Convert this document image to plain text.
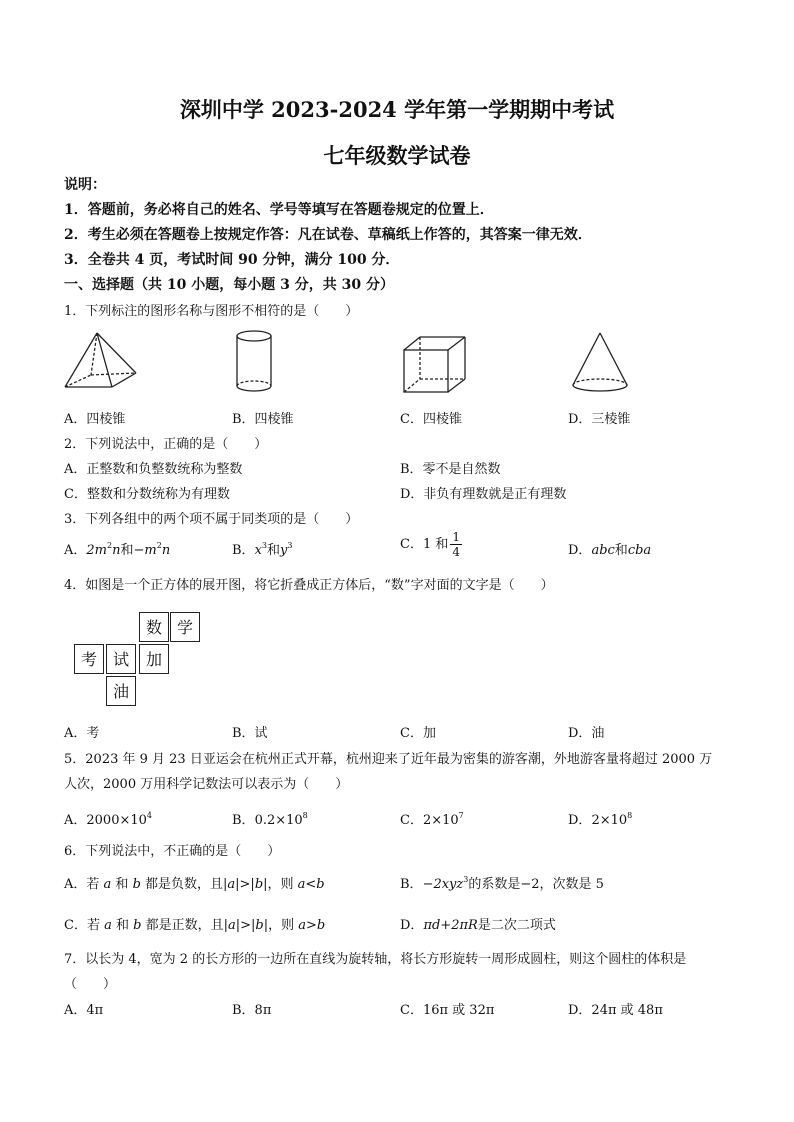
深圳中学 2023-2024 学年第一学期期中考试
七年级数学试卷
说明：
1．答题前，务必将自己的姓名、学号等填写在答题卷规定的位置上．
2．考生必须在答题卷上按规定作答：凡在试卷、草稿纸上作答的，其答案一律无效．
3．全卷共 4 页，考试时间 90 分钟，满分 100 分．
一、选择题（共 10 小题，每小题 3 分，共 30 分）
1．下列标注的图形名称与图形不相符的是（　　）
A．四棱锥	B．四棱锥	C．四棱锥	D．三棱锥
2．下列说法中，正确的是（　　）
A．正整数和负整数统称为整数	B．零不是自然数
C．整数和分数统称为有理数	D．非负有理数就是正有理数
3．下列各组中的两个项不属于同类项的是（　　）
A．$2m^2n$和$-m^2n$	B．$x^3$和$y^3$	C．1 和 $\frac{1}{4}$	D．abc和cba
4．如图是一个正方体的展开图，将它折叠成正方体后，“数”字对面的文字是（　　）
数 学
考 试	加
油
A．考	B．试	C．加	D．油
5．2023 年 9 月 23 日亚运会在杭州正式开幕，杭州迎来了近年最为密集的游客潮，外地游客量将超过 2000 万
人次，2000 万用科学记数法可以表示为（　　）
A．$2000\times 10^4$	B．$0.2\times 10^8$	C．$2\times 10^7$	D．$2\times 10^8$
6．下列说法中，不正确的是（　　）
A．若 a 和 b 都是负数，且|a|>|b|，则 a<b	B．−2xyz$^3$的系数是−2，次数是 5
C．若 a 和 b 都是正数，且|a|>|b|，则 a>b	D．πd+2πR是二次二项式
7．以长为 4，宽为 2 的长方形的一边所在直线为旋转轴，将长方形旋转一周形成圆柱，则这个圆柱的体积是
（　　）
A．4π	B．8π	C．16π 或 32π	D．24π 或 48π
